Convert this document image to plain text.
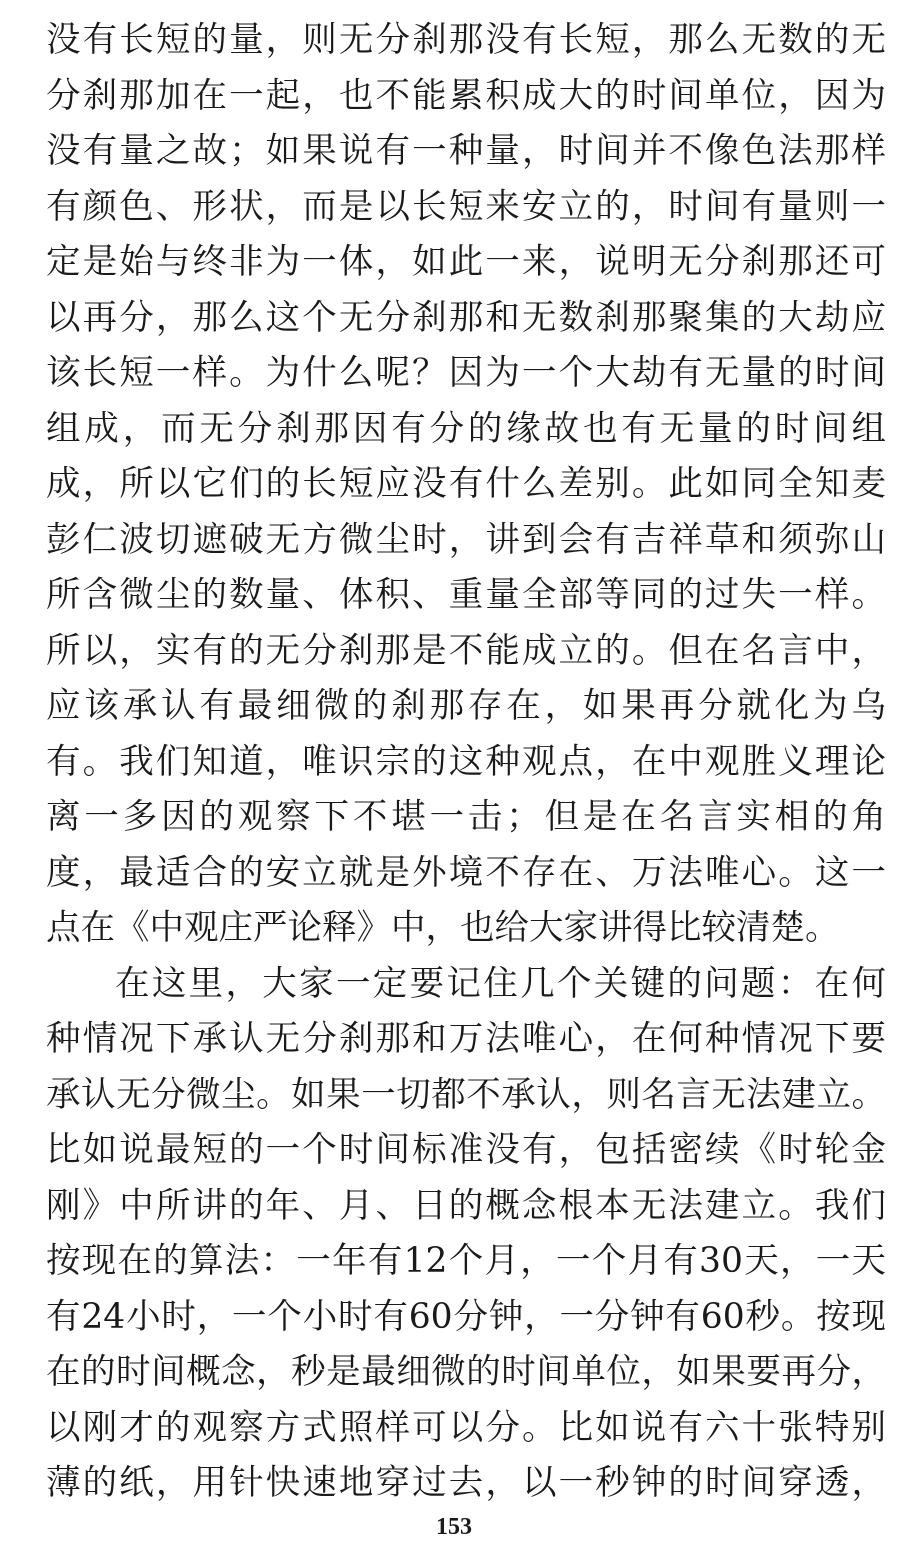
没有长短的量，则无分刹那没有长短，那么无数的无
分刹那加在一起，也不能累积成大的时间单位，因为
没有量之故；如果说有一种量，时间并不像色法那样
有颜色、形状，而是以长短来安立的，时间有量则一
定是始与终非为一体，如此一来，说明无分刹那还可
以再分，那么这个无分刹那和无数刹那聚集的大劫应
该长短一样。为什么呢？因为一个大劫有无量的时间
组成，而无分刹那因有分的缘故也有无量的时间组
成，所以它们的长短应没有什么差别。此如同全知麦
彭仁波切遮破无方微尘时，讲到会有吉祥草和须弥山
所含微尘的数量、体积、重量全部等同的过失一样。
所以，实有的无分刹那是不能成立的。但在名言中，
应该承认有最细微的刹那存在，如果再分就化为乌
有。我们知道，唯识宗的这种观点，在中观胜义理论
离一多因的观察下不堪一击；但是在名言实相的角
度，最适合的安立就是外境不存在、万法唯心。这一
点在《中观庄严论释》中，也给大家讲得比较清楚。
在这里，大家一定要记住几个关键的问题：在何
种情况下承认无分刹那和万法唯心，在何种情况下要
承认无分微尘。如果一切都不承认，则名言无法建立。
比如说最短的一个时间标准没有，包括密续《时轮金
刚》中所讲的年、月、日的概念根本无法建立。我们
按现在的算法：一年有12个月，一个月有30天，一天
有24小时，一个小时有60分钟，一分钟有60秒。按现
在的时间概念，秒是最细微的时间单位，如果要再分，
以刚才的观察方式照样可以分。比如说有六十张特别
薄的纸，用针快速地穿过去，以一秒钟的时间穿透，
153
